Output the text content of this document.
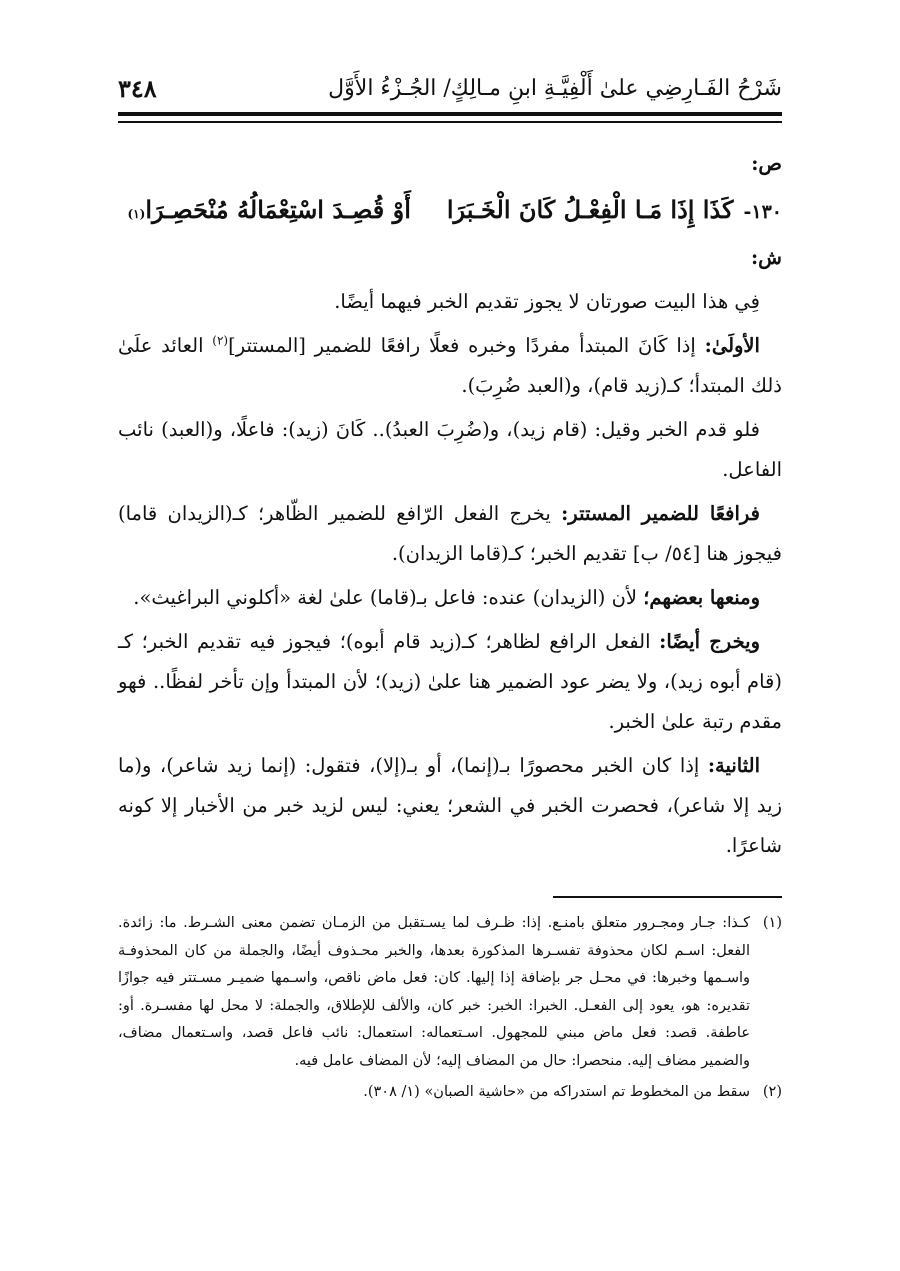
شَرْحُ الفَـارِضِي علىٰ أَلْفِيَّـةِ ابنِ مـالِكٍ/ الجُـزْءُ الأَوَّل
٣٤٨

ص:

١٣٠-
كَذَا إِذَا مَـا الْفِعْـلُ كَانَ الْخَـبَرَا
أَوْ قُصِـدَ اسْتِعْمَالُهُ مُنْحَصِـرَا
(١)

ش:

فِي هذا البيت صورتان لا يجوز تقديم الخبر فيهما أيضًا.

الأولَىٰ: إذا كَانَ المبتدأ مفردًا وخبره فعلًا رافعًا للضمير [المستتر]$^{(٢)}$ العائد علَىٰ ذلك المبتدأ؛ كـ(زيد قام)، و(العبد ضُرِبَ).

فلو قدم الخبر وقيل: (قام زيد)، و(ضُرِبَ العبدُ).. كَانَ (زيد): فاعلًا، و(العبد) نائب الفاعل.

فرافعًا للضمير المستتر: يخرج الفعل الرّافع للضمير الظّاهر؛ كـ(الزيدان قاما) فيجوز هنا [٥٤/ ب] تقديم الخبر؛ كـ(قاما الزيدان).

ومنعها بعضهم؛ لأن (الزيدان) عنده: فاعل بـ(قاما) علىٰ لغة «أكلوني البراغيث».

ويخرج أيضًا: الفعل الرافع لظاهر؛ كـ(زيد قام أبوه)؛ فيجوز فيه تقديم الخبر؛ كـ (قام أبوه زيد)، ولا يضر عود الضمير هنا علىٰ (زيد)؛ لأن المبتدأ وإن تأخر لفظًا.. فهو مقدم رتبة علىٰ الخبر.

الثانية: إذا كان الخبر محصورًا بـ(إنما)، أو بـ(إلا)، فتقول: (إنما زيد شاعر)، و(ما زيد إلا شاعر)، فحصرت الخبر في الشعر؛ يعني: ليس لزيد خبر من الأخبار إلا كونه شاعرًا.

(١)
كـذا: جـار ومجـرور متعلق بامنـع. إذا: ظـرف لما يسـتقبل من الزمـان تضمن معنى الشـرط. ما: زائدة. الفعل: اسـم لكان محذوفة تفسـرها المذكورة بعدها، والخبر محـذوف أيضًا، والجملة من كان المحذوفـة واسـمها وخبرها: في محـل جر بإضافة إذا إليها. كان: فعل ماض ناقص، واسـمها ضميـر مسـتتر فيه جوازًا تقديره: هو، يعود إلى الفعـل. الخبرا: الخبر: خبر كان، والألف للإطلاق، والجملة: لا محل لها مفسـرة. أو: عاطفة. قصد: فعل ماض مبني للمجهول. اسـتعماله: استعمال: نائب فاعل قصد، واسـتعمال مضاف، والضمير مضاف إليه. منحصرا: حال من المضاف إليه؛ لأن المضاف عامل فيه.

(٢)
سقط من المخطوط تم استدراكه من «حاشية الصبان» (١/ ٣٠٨).
